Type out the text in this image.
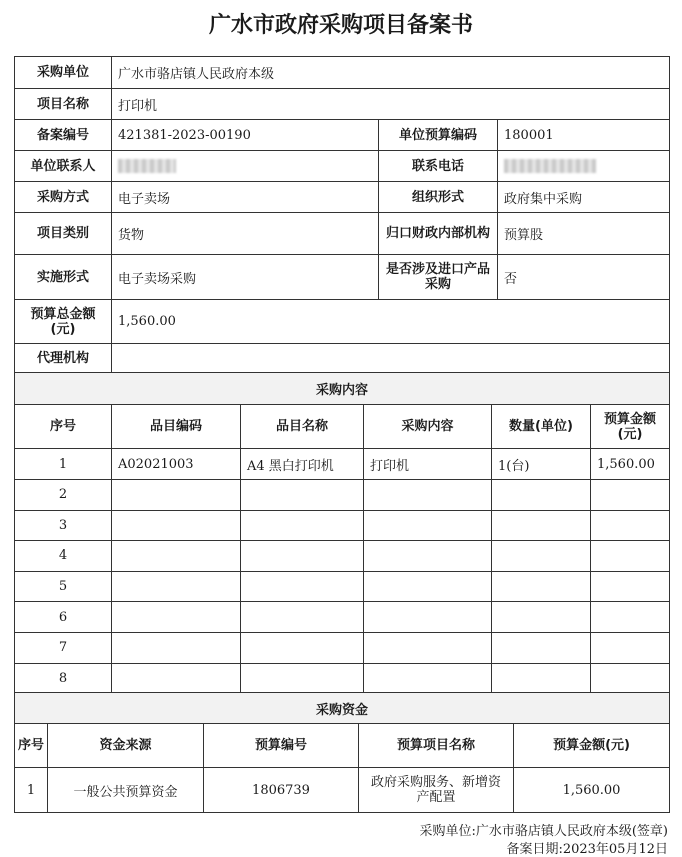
广水市政府采购项目备案书
采购单位	广水市骆店镇人民政府本级		
项目名称	打印机		
备案编号	421381-2023-00190	单位预算编码	180001
单位联系人		联系电话	
采购方式	电子卖场	组织形式	政府集中采购
项目类别	货物	归口财政内部机构	预算股
实施形式	电子卖场采购	是否涉及进口产品采购	否
预算总金额(元)	1,560.00		
代理机构			
采购内容					
序号	品目编码	品目名称	采购内容	数量(单位)	预算金额(元)
1	A02021003	A4 黑白打印机	打印机	1(台)	1,560.00
2					
3					
4					
5					
6					
7					
8					
采购资金				
序号	资金来源	预算编号	预算项目名称	预算金额(元)
1	一般公共预算资金	1806739	政府采购服务、新增资产配置	1,560.00
采购单位:广水市骆店镇人民政府本级(签章)
备案日期:2023年05月12日
